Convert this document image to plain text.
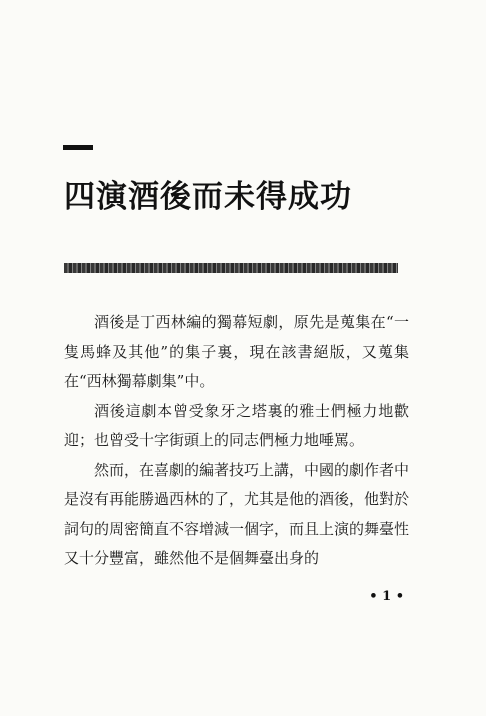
四演酒後而未得成功

酒後是丁西林編的獨幕短劇，原先是蒐集在“一隻馬蜂及其他”的集子裏，現在該書絕版，又蒐集在“西林獨幕劇集”中。

酒後這劇本曾受象牙之塔裏的雅士們極力地歡迎；也曾受十字街頭上的同志們極力地唾罵。

然而，在喜劇的編著技巧上講，中國的劇作者中是沒有再能勝過西林的了，尤其是他的酒後，他對於詞句的周密簡直不容增減一個字，而且上演的舞臺性又十分豐富，雖然他不是個舞臺出身的

• 1 •
